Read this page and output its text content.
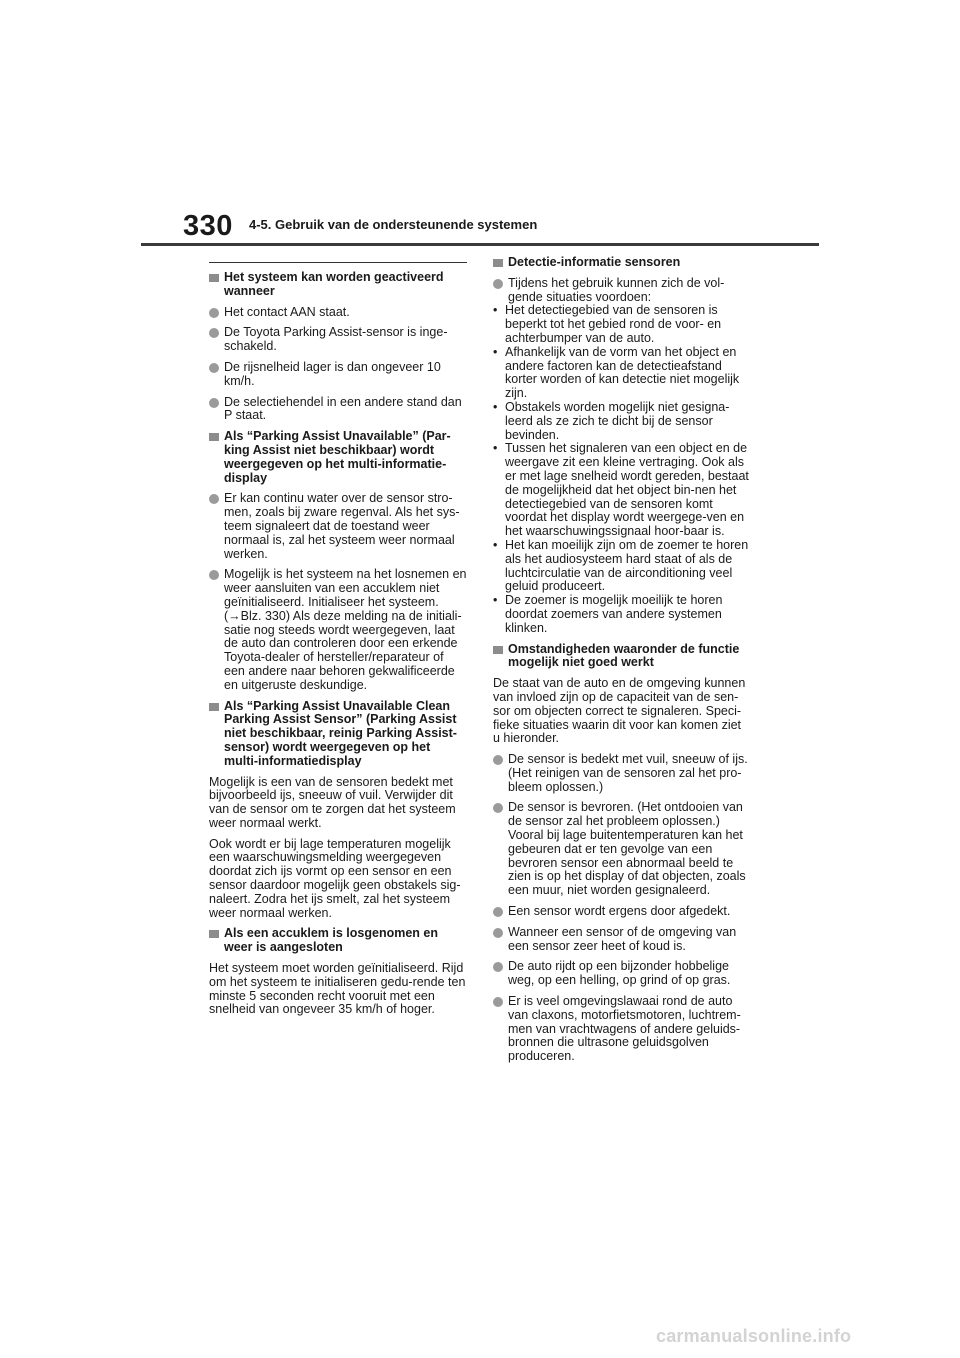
330 4-5. Gebruik van de ondersteunende systemen
Het systeem kan worden geactiveerd wanneer
Het contact AAN staat.
De Toyota Parking Assist-sensor is inge-schakeld.
De rijsnelheid lager is dan ongeveer 10 km/h.
De selectiehendel in een andere stand dan P staat.
Als “Parking Assist Unavailable” (Par-king Assist niet beschikbaar) wordt weergegeven op het multi-informatie-display
Er kan continu water over de sensor stro-men, zoals bij zware regenval. Als het sys-teem signaleert dat de toestand weer normaal is, zal het systeem weer normaal werken.
Mogelijk is het systeem na het losnemen en weer aansluiten van een accuklem niet geïnitialiseerd. Initialiseer het systeem. (→Blz. 330) Als deze melding na de initiali-satie nog steeds wordt weergegeven, laat de auto dan controleren door een erkende Toyota-dealer of hersteller/reparateur of een andere naar behoren gekwalificeerde en uitgeruste deskundige.
Als “Parking Assist Unavailable Clean Parking Assist Sensor” (Parking Assist niet beschikbaar, reinig Parking Assist-sensor) wordt weergegeven op het multi-informatiedisplay
Mogelijk is een van de sensoren bedekt met bijvoorbeeld ijs, sneeuw of vuil. Verwijder dit van de sensor om te zorgen dat het systeem weer normaal werkt.
Ook wordt er bij lage temperaturen mogelijk een waarschuwingsmelding weergegeven doordat zich ijs vormt op een sensor en een sensor daardoor mogelijk geen obstakels sig-naleert. Zodra het ijs smelt, zal het systeem weer normaal werken.
Als een accuklem is losgenomen en weer is aangesloten
Het systeem moet worden geïnitialiseerd. Rijd om het systeem te initialiseren gedu-rende ten minste 5 seconden recht vooruit met een snelheid van ongeveer 35 km/h of hoger.
Detectie-informatie sensoren
Tijdens het gebruik kunnen zich de vol-gende situaties voordoen:
• Het detectiegebied van de sensoren is beperkt tot het gebied rond de voor- en achterbumper van de auto.
• Afhankelijk van de vorm van het object en andere factoren kan de detectieafstand korter worden of kan detectie niet mogelijk zijn.
• Obstakels worden mogelijk niet gesigna-leerd als ze zich te dicht bij de sensor bevinden.
• Tussen het signaleren van een object en de weergave zit een kleine vertraging. Ook als er met lage snelheid wordt gereden, bestaat de mogelijkheid dat het object bin-nen het detectiegebied van de sensoren komt voordat het display wordt weergege-ven en het waarschuwingssignaal hoor-baar is.
• Het kan moeilijk zijn om de zoemer te horen als het audiosysteem hard staat of als de luchtcirculatie van de airconditioning veel geluid produceert.
• De zoemer is mogelijk moeilijk te horen doordat zoemers van andere systemen klinken.
Omstandigheden waaronder de functie mogelijk niet goed werkt
De staat van de auto en de omgeving kunnen van invloed zijn op de capaciteit van de sen-sor om objecten correct te signaleren. Speci-fieke situaties waarin dit voor kan komen ziet u hieronder.
De sensor is bedekt met vuil, sneeuw of ijs. (Het reinigen van de sensoren zal het pro-bleem oplossen.)
De sensor is bevroren. (Het ontdooien van de sensor zal het probleem oplossen.) Vooral bij lage buitentemperaturen kan het gebeuren dat er ten gevolge van een bevroren sensor een abnormaal beeld te zien is op het display of dat objecten, zoals een muur, niet worden gesignaleerd.
Een sensor wordt ergens door afgedekt.
Wanneer een sensor of de omgeving van een sensor zeer heet of koud is.
De auto rijdt op een bijzonder hobbelige weg, op een helling, op grind of op gras.
Er is veel omgevingslawaai rond de auto van claxons, motorfietsmotoren, luchtrem-men van vrachtwagens of andere geluids-bronnen die ultrasone geluidsgolven produceren.
carmanualsonline.info
